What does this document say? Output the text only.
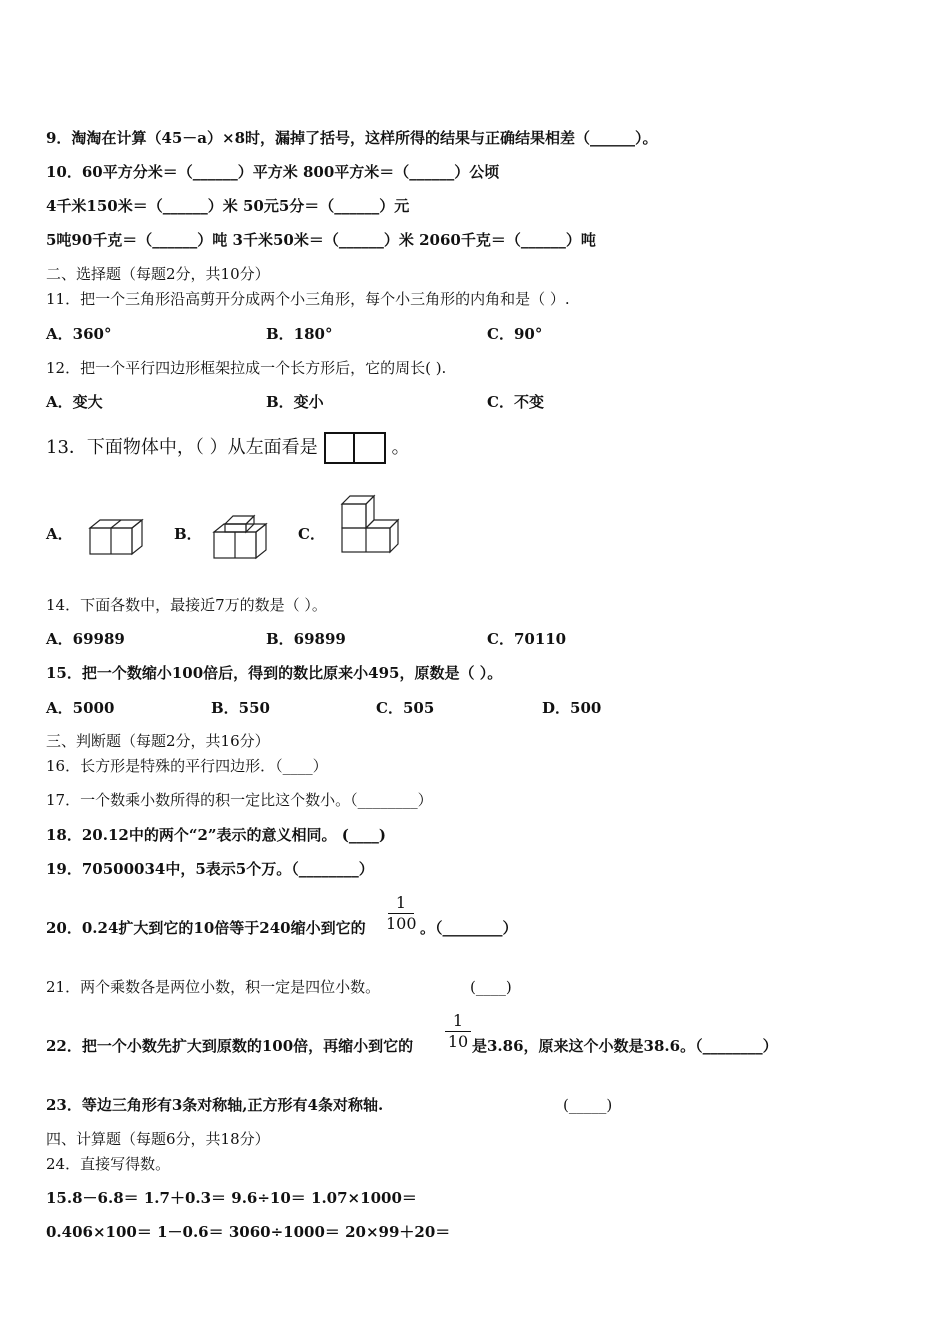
9．淘淘在计算（45－a）×8时，漏掉了括号，这样所得的结果与正确结果相差（______）。
10．60平方分米＝（______）平方米 800平方米＝（______）公顷
4千米150米＝（______）米 50元5分＝（______）元
5吨90千克＝（______）吨 3千米50米＝（______）米 2060千克＝（______）吨
二、选择题（每题2分，共10分）
11．把一个三角形沿高剪开分成两个小三角形，每个小三角形的内角和是（ ）.
A．360°	B．180°	C．90°
12．把一个平行四边形框架拉成一个长方形后，它的周长( ).
A．变大	B．变小	C．不变
13．下面物体中，（ ）从左面看是	。
A．	B．	C．
14．下面各数中，最接近7万的数是（ ）。
A．69989	B．69899	C．70110
15．把一个数缩小100倍后，得到的数比原来小495，原数是（ ）。
A．5000	B．550	C．505	D．500
三、判断题（每题2分，共16分）
16．长方形是特殊的平行四边形．（____）
17．一个数乘小数所得的积一定比这个数小。（________）
18．20.12中的两个“2”表示的意义相同。 (____)
19．70500034中，5表示5个万。（________）
20．0.24扩大到它的10倍等于240缩小到它的
1
100 。（________）
21．两个乘数各是两位小数，积一定是四位小数。	(____)
22．把一个小数先扩大到原数的100倍，再缩小到它的
1
10 是3.86，原来这个小数是38.6。（________）
23．等边三角形有3条对称轴,正方形有4条对称轴.	(_____)
四、计算题（每题6分，共18分）
24．直接写得数。
15.8－6.8＝ 1.7＋0.3＝ 9.6÷10＝ 1.07×1000＝
0.406×100＝ 1－0.6＝ 3060÷1000＝ 20×99＋20＝
